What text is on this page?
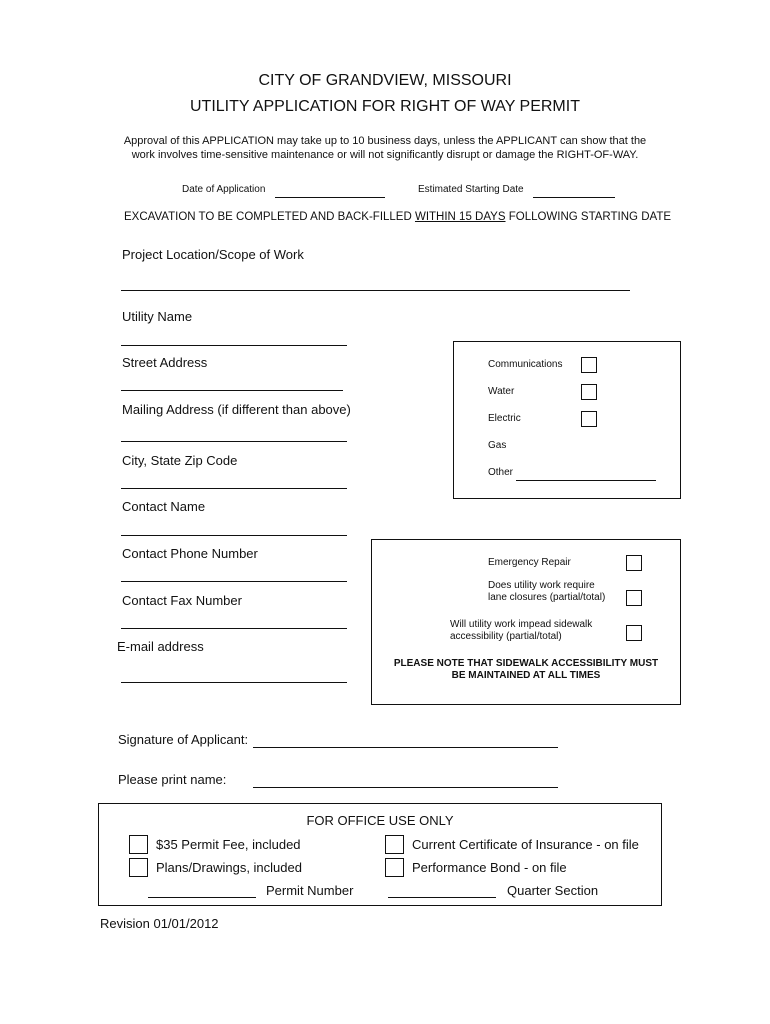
CITY OF GRANDVIEW, MISSOURI
UTILITY APPLICATION FOR RIGHT OF WAY PERMIT
Approval of this APPLICATION may take up to 10 business days, unless the APPLICANT can show that the
work involves time-sensitive maintenance or will not significantly disrupt or damage the RIGHT-OF-WAY.
Date of Application	Estimated Starting Date
EXCAVATION TO BE COMPLETED AND BACK-FILLED WITHIN 15 DAYS FOLLOWING STARTING DATE
Project Location/Scope of Work
Utility Name
Street Address
Mailing Address (if different than above)
City, State Zip Code
Contact Name
Contact Phone Number
Contact Fax Number
E-mail address
Communications
Water
Electric
Gas
Other
Emergency Repair
Does utility work require
lane closures (partial/total)
Will utility work impead sidewalk
accessibility (partial/total)
PLEASE NOTE THAT SIDEWALK ACCESSIBILITY MUST
BE MAINTAINED AT ALL TIMES
Signature of Applicant:
Please print name:
FOR OFFICE USE ONLY
$35 Permit Fee, included
Plans/Drawings, included
Current Certificate of Insurance - on file
Performance Bond - on file
Permit Number	Quarter Section
Revision 01/01/2012
